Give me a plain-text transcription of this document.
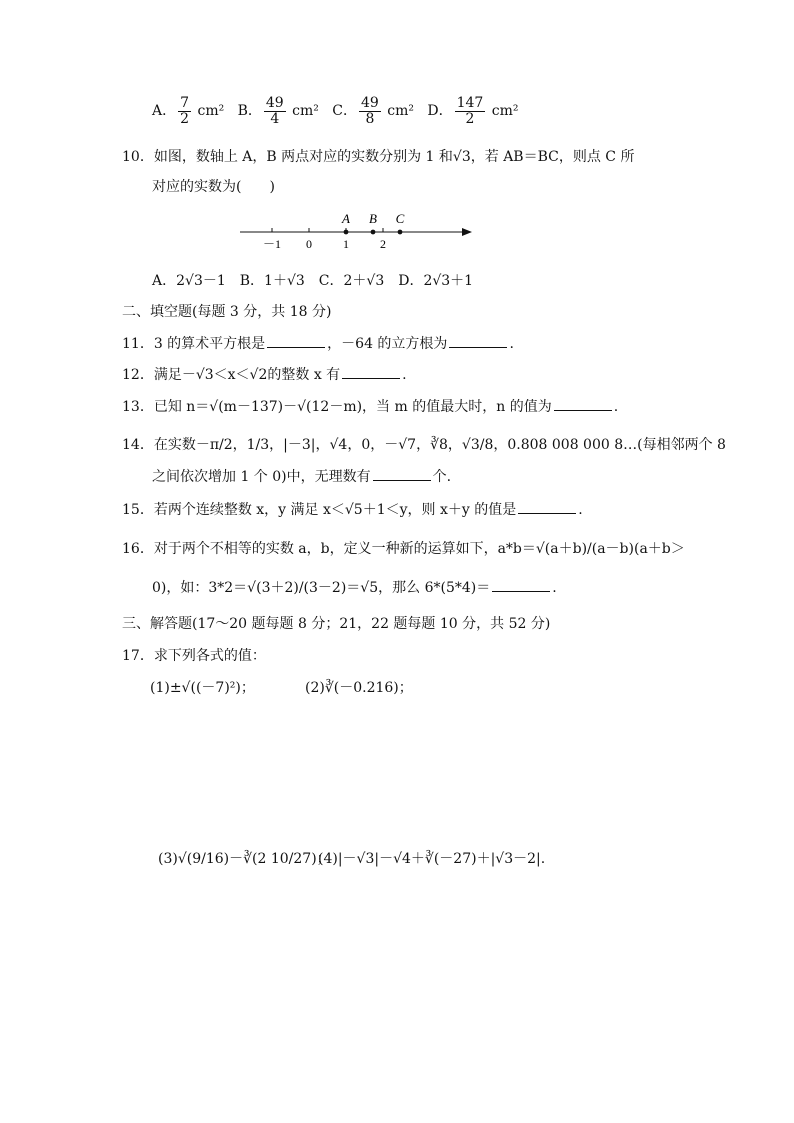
A． $\frac{7}{2} cm^2$ B． $\frac{49}{4} cm^2$ C． $\frac{49}{8} cm^2$ D． $\frac{147}{2} cm^2$
10．如图，数轴上 A，B 两点对应的实数分别为 1 和√3，若 AB＝BC，则点 C 所
对应的实数为(　　)
A B C
－1 0	1	2
A．2√3－1　B．1＋√3　C．2＋√3　D．2√3＋1
二、填空题(每题 3 分，共 18 分)
11．3 的算术平方根是	，－64 的立方根为	.
12．满足－√3＜x＜√2的整数 x 有	.
13．已知 n＝√(m－137)－√(12－m)，当 m 的值最大时，n 的值为	.
14．在实数－π/2，1/3，|－3|，√4，0，－√7，∛8，√3/8，0.808 008 000 8…(每相邻两个 8
之间依次增加 1 个 0)中，无理数有	个.
15．若两个连续整数 x，y 满足 x＜√5＋1＜y，则 x＋y 的值是	.
16．对于两个不相等的实数 a，b，定义一种新的运算如下，a*b＝√(a＋b)/(a－b)(a＋b＞
0)，如：3*2＝√(3＋2)/(3－2)＝√5，那么 6*(5*4)＝	.
三、解答题(17～20 题每题 8 分；21，22 题每题 10 分，共 52 分)
17．求下列各式的值：
(1)±√((－7)²)；	(2)∛(－0.216)；
(3)√(9/16)－∛(2 10/27)；
(4)|－√3|－√4＋∛(－27)＋|√3－2|.
